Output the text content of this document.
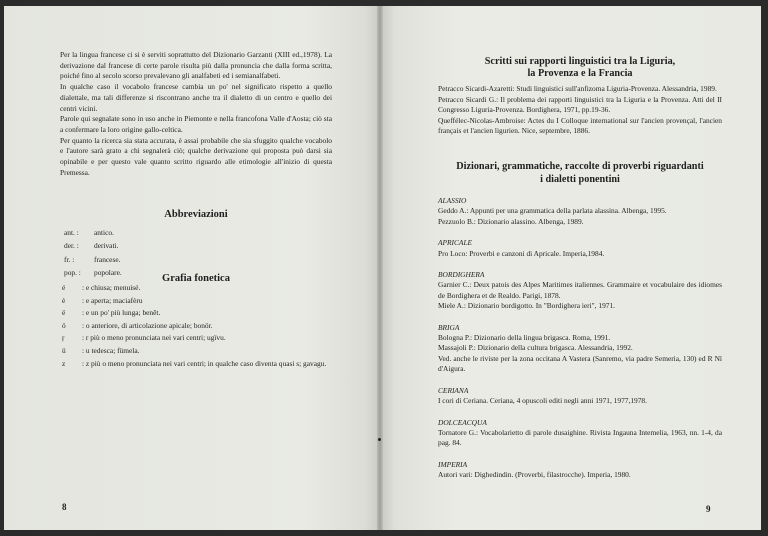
Per la lingua francese ci si è serviti soprattutto del Dizionario Garzanti (XIII ed.,1978). La derivazione dal francese di certe parole risulta più dalla pronuncia che dalla forma scritta, poiché fino al secolo scorso prevalevano gli analfabeti ed i semianalfabeti.

In qualche caso il vocabolo francese cambia un po' nel significato rispetto a quello dialettale, ma tali differenze si riscontrano anche tra il dialetto di un centro e quello dei centri vicini.

Parole qui segnalate sono in uso anche in Piemonte e nella francofona Valle d'Aosta; ciò sta a confermare la loro origine gallo-celtica.

Per quanto la ricerca sia stata accurata, è assai probabile che sia sfuggito qualche vocabolo e l'autore sarà grato a chi segnalerà ciò; qualche derivazione qui proposta può darsi sia opinabile e per questo vale quanto scritto riguardo alle etimologie all'inizio di questa Premessa.

Abbreviazioni
ant. :	antico.
der. :	derivati.
fr. :	francese.
pop. :	popolare.
Grafia fonetica
é	: e chiusa; menuisé.
è	: e aperta; maciafèru
ë	: e un po' più lunga; benêt.
ö	: o anteriore, di articolazione apicale; bonör.
ŗ	: r più o meno pronunciata nei vari centri; ugïvu.
ü	: u tedesca; fümela.
z	: z più o meno pronunciata nei vari centri; in qualche caso diventa quasi s; gavagu.
8
Scritti sui rapporti linguistici tra la Liguria,
la Provenza e la Francia

Petracco Sicardi-Azaretti: Studi linguistici sull'anfizoma Liguria-Provenza. Alessandria, 1989.

Petracco Sicardi G.: Il problema dei rapporti linguistici tra la Liguria e la Provenza. Atti del II Congresso Liguria-Provenza. Bordighera, 1971, pp.19-36.

Queffélec-Nicolas-Ambroise: Actes du I Colloque international sur l'ancien provençal, l'ancien français et l'ancien ligurien. Nice, septembre, 1886.

Dizionari, grammatiche, raccolte di proverbi riguardanti
i dialetti ponentini
ALASSIO

Geddo A.: Appunti per una grammatica della parlata alassina. Albenga, 1995.

Pezzuolo B.: Dizionario alassino. Albenga, 1989.

APRICALE

Pro Loco: Proverbi e canzoni di Apricale. Imperia,1984.

BORDIGHERA

Garnier C.: Deux patois des Alpes Maritimes italiennes. Grammaire et vocabulaire des idiomes de Bordighera et de Realdo. Parigi, 1878.

Miele A.: Dizionario bordigotto. In "Bordighera ieri", 1971.

BRIGA

Bologna P.: Dizionario della lingua brigasca. Roma, 1991.

Massajoli P.: Dizionario della cultura brigasca. Alessandria, 1992.

Ved. anche le riviste per la zona occitana A Vastera (Sanremo, via padre Semeria, 130) ed R Nï d'Aigura.

CERIANA

I cori di Ceriana. Ceriana, 4 opuscoli editi negli anni 1971, 1977,1978.

DOLCEACQUA

Tornatore G.: Vocabolarietto di parole dusaighine. Rivista Ingauna Intemelia, 1963, nn. 1-4, da pag. 84.

IMPERIA

Autori vari: Dighedindin. (Proverbi, filastrocche). Imperia, 1980.

9
